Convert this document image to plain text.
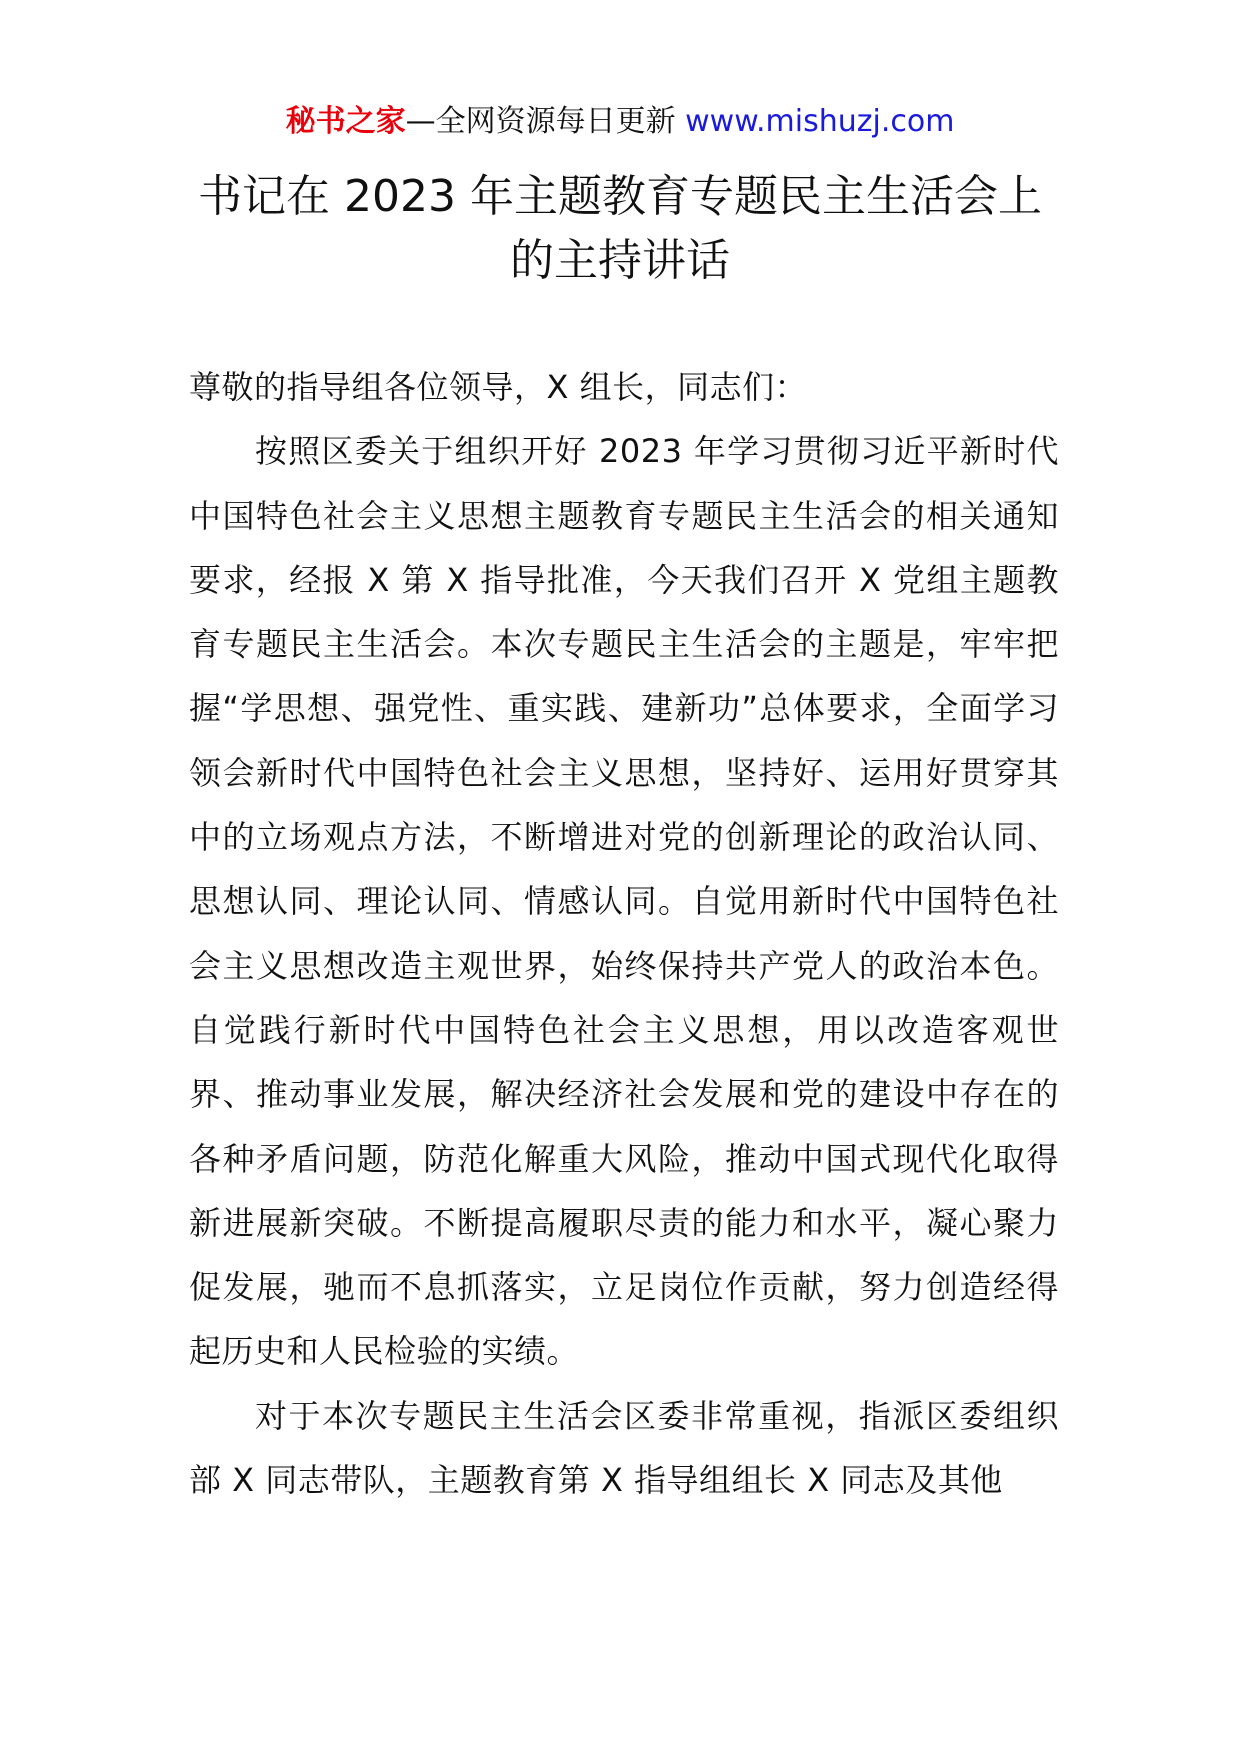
秘书之家—全网资源每日更新 www.mishuzj.com
书记在 2023 年主题教育专题民主生活会上
的主持讲话

尊敬的指导组各位领导，X 组长，同志们：

按照区委关于组织开好 2023 年学习贯彻习近平新时代中国特色社会主义思想主题教育专题民主生活会的相关通知要求，经报 X 第 X 指导批准，今天我们召开 X 党组主题教育专题民主生活会。本次专题民主生活会的主题是，牢牢把握“学思想、强党性、重实践、建新功”总体要求，全面学习领会新时代中国特色社会主义思想，坚持好、运用好贯穿其中的立场观点方法，不断增进对党的创新理论的政治认同、思想认同、理论认同、情感认同。自觉用新时代中国特色社会主义思想改造主观世界，始终保持共产党人的政治本色。自觉践行新时代中国特色社会主义思想，用以改造客观世界、推动事业发展，解决经济社会发展和党的建设中存在的各种矛盾问题，防范化解重大风险，推动中国式现代化取得新进展新突破。不断提高履职尽责的能力和水平，凝心聚力促发展，驰而不息抓落实，立足岗位作贡献，努力创造经得起历史和人民检验的实绩。

对于本次专题民主生活会区委非常重视，指派区委组织部 X 同志带队，主题教育第 X 指导组组长 X 同志及其他
